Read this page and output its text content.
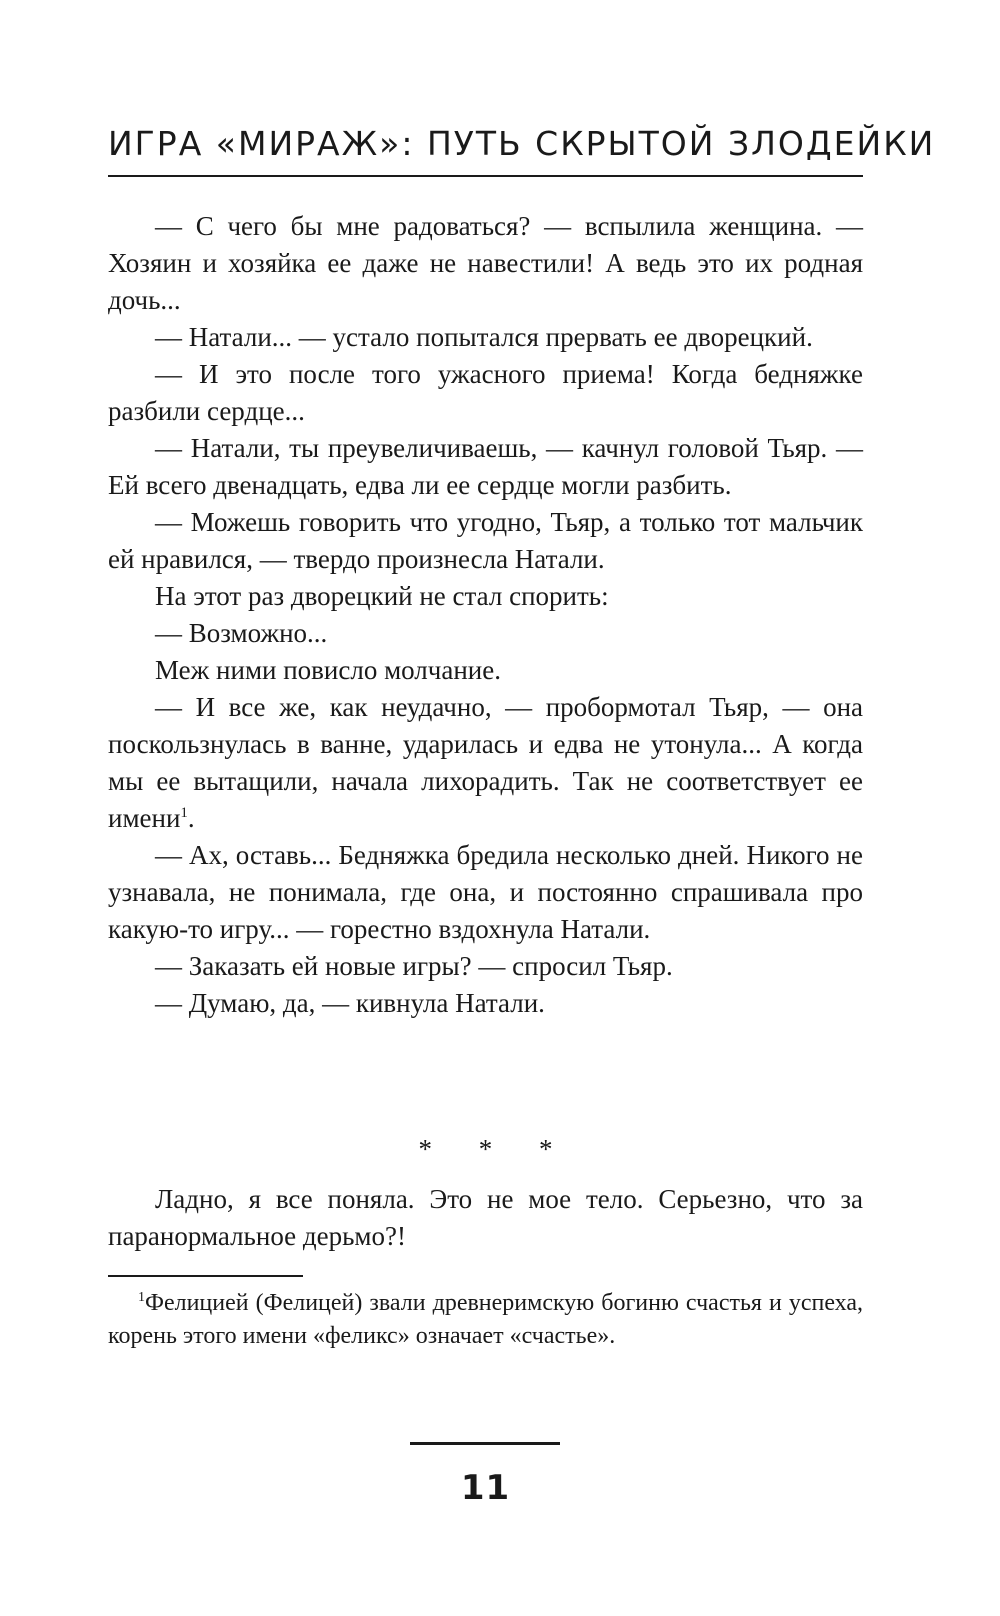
ИГРА «МИРАЖ»: ПУТЬ СКРЫТОЙ ЗЛОДЕЙКИ

— С чего бы мне радоваться? — вспылила женщина. — Хозяин и хозяйка ее даже не навестили! А ведь это их родная дочь...

— Натали... — устало попытался прервать ее дворецкий.

— И это после того ужасного приема! Когда бедняжке разбили сердце...

— Натали, ты преувеличиваешь, — качнул головой Тьяр. — Ей всего двенадцать, едва ли ее сердце могли разбить.

— Можешь говорить что угодно, Тьяр, а только тот мальчик ей нравился, — твердо произнесла Натали.

На этот раз дворецкий не стал спорить:

— Возможно...

Меж ними повисло молчание.

— И все же, как неудачно, — пробормотал Тьяр, — она поскользнулась в ванне, ударилась и едва не утонула... А когда мы ее вытащили, начала лихорадить. Так не соответствует ее имени$^1$.

— Ах, оставь... Бедняжка бредила несколько дней. Никого не узнавала, не понимала, где она, и постоянно спрашивала про какую-то игру... — горестно вздохнула Натали.

— Заказать ей новые игры? — спросил Тьяр.

— Думаю, да, — кивнула Натали.

* * *

Ладно, я все поняла. Это не мое тело. Серьезно, что за паранормальное дерьмо?!

$^1$Фелицией (Фелицей) звали древнеримскую богиню счастья и успеха, корень этого имени «феликс» означает «счастье».

11
